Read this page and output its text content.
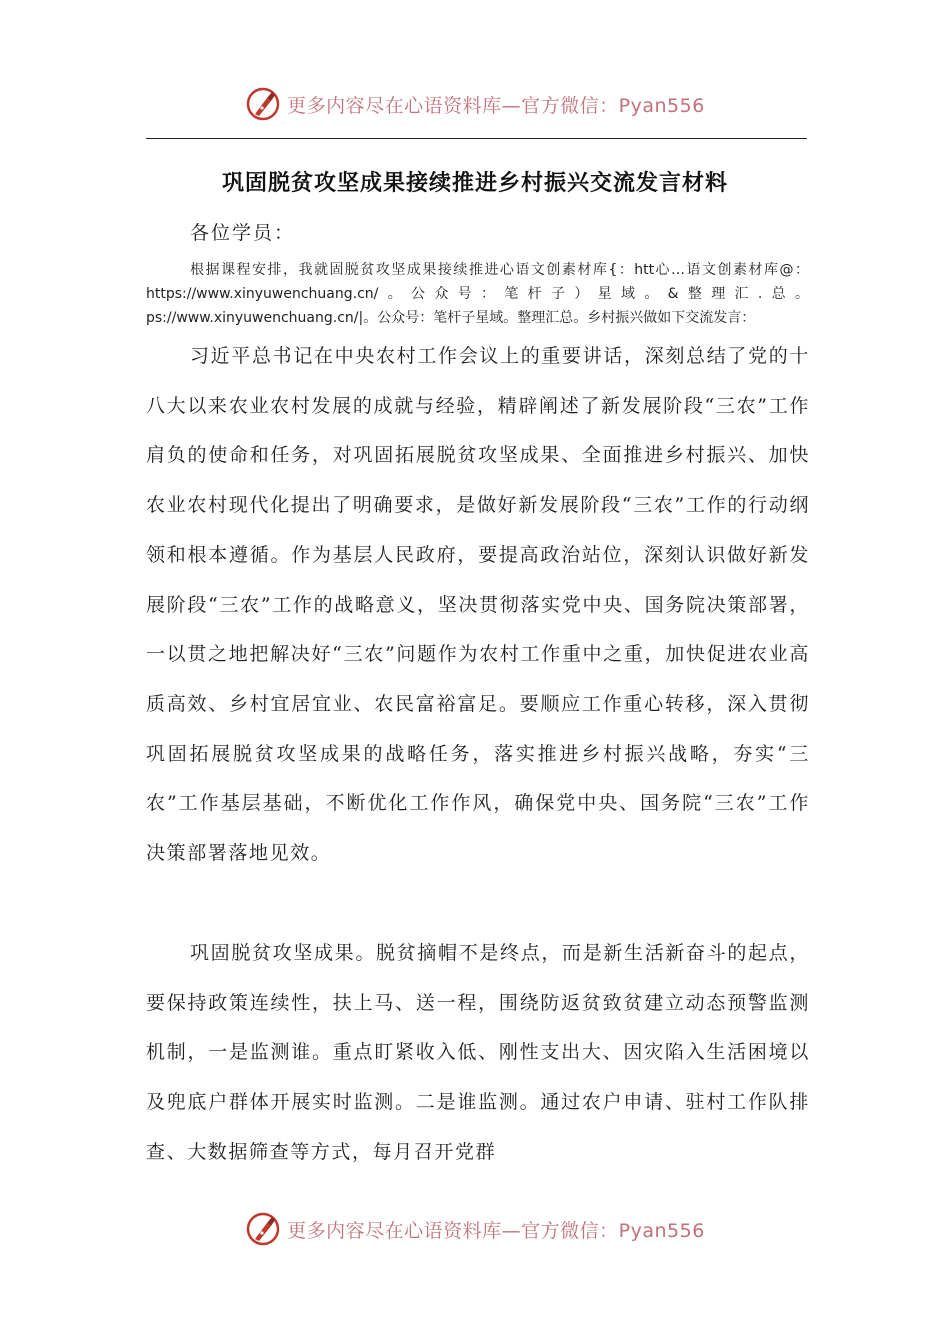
更多内容尽在心语资料库—官方微信：Pyan556
巩固脱贫攻坚成果接续推进乡村振兴交流发言材料
各位学员：
根据课程安排，我就固脱贫攻坚成果接续推进心语文创素材库{：htt心…语文创素材库@：https://www.xinyuwenchuang.cn/。公众号：笔杆子）星域。&整理汇.总。ps://www.xinyuwenchuang.cn/|。公众号：笔杆子星域。整理汇总。乡村振兴做如下交流发言：
习近平总书记在中央农村工作会议上的重要讲话，深刻总结了党的十八大以来农业农村发展的成就与经验，精辟阐述了新发展阶段“三农”工作肩负的使命和任务，对巩固拓展脱贫攻坚成果、全面推进乡村振兴、加快农业农村现代化提出了明确要求，是做好新发展阶段“三农”工作的行动纲领和根本遵循。作为基层人民政府，要提高政治站位，深刻认识做好新发展阶段“三农”工作的战略意义，坚决贯彻落实党中央、国务院决策部署，一以贯之地把解决好“三农”问题作为农村工作重中之重，加快促进农业高质高效、乡村宜居宜业、农民富裕富足。要顺应工作重心转移，深入贯彻巩固拓展脱贫攻坚成果的战略任务，落实推进乡村振兴战略，夯实“三农”工作基层基础，不断优化工作作风，确保党中央、国务院“三农”工作决策部署落地见效。
巩固脱贫攻坚成果。脱贫摘帽不是终点，而是新生活新奋斗的起点，要保持政策连续性，扶上马、送一程，围绕防返贫致贫建立动态预警监测机制，一是监测谁。重点盯紧收入低、刚性支出大、因灾陷入生活困境以及兜底户群体开展实时监测。二是谁监测。通过农户申请、驻村工作队排查、大数据筛查等方式，每月召开党群
更多内容尽在心语资料库—官方微信：Pyan556
